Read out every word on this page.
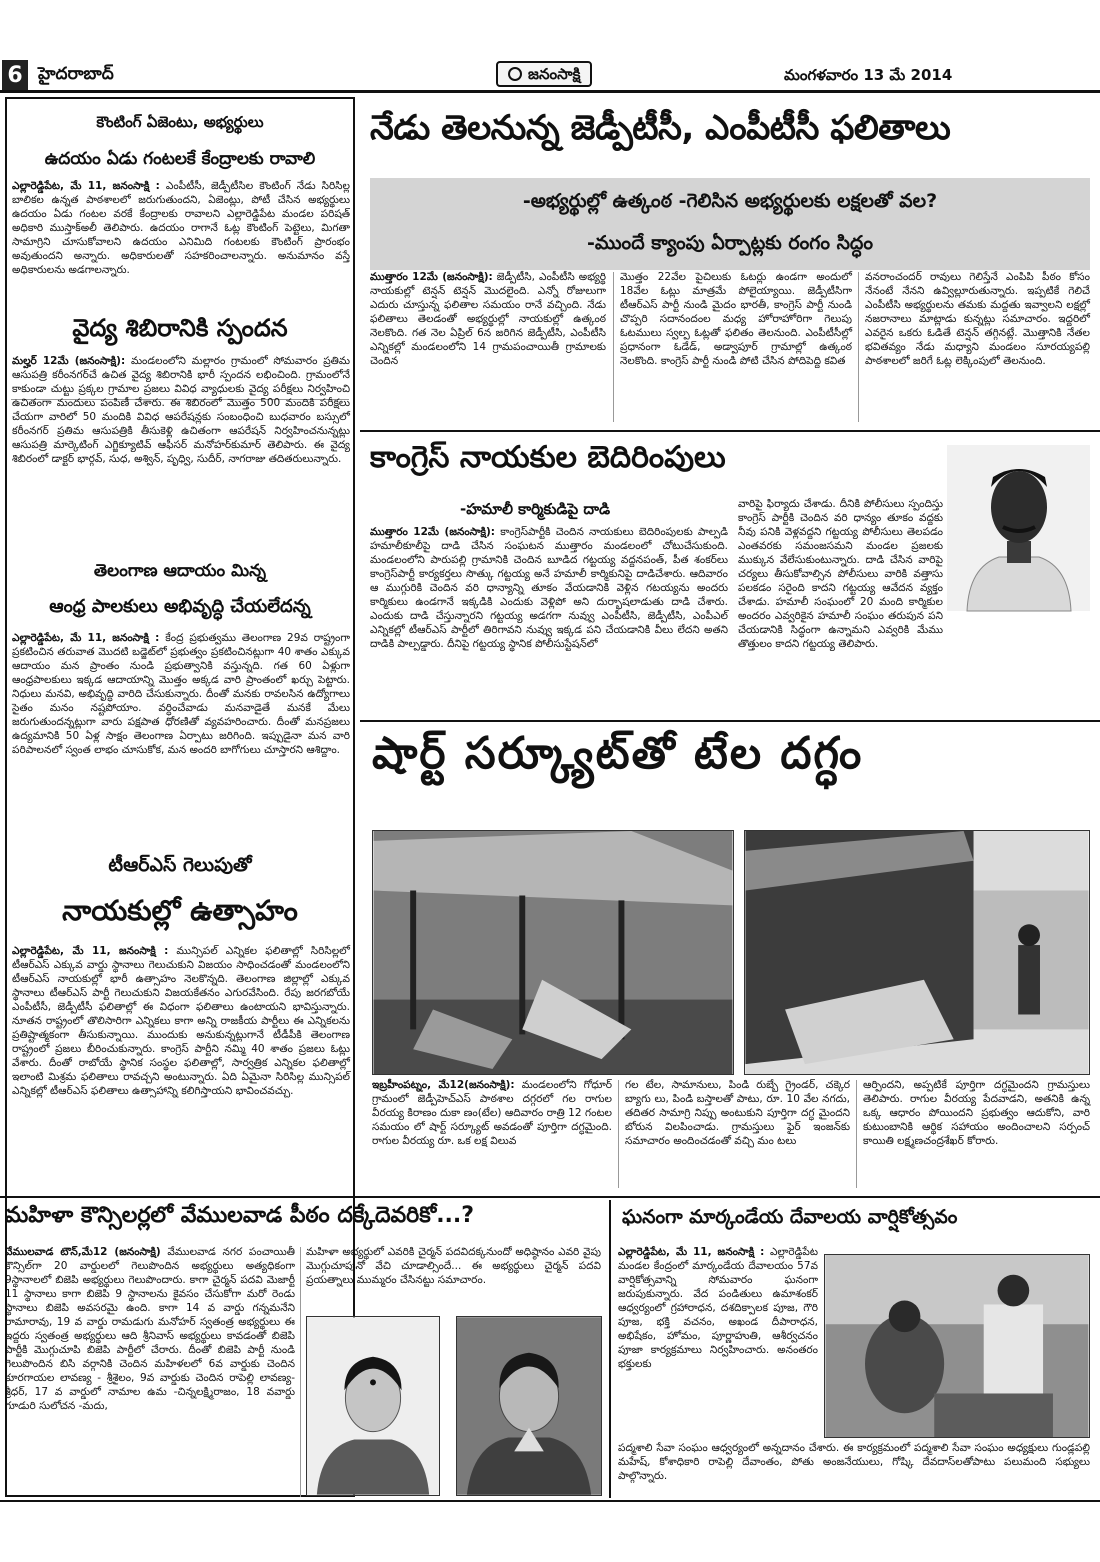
6 హైదరాబాద్	జనంసాక్షి	మంగళవారం 13 మే 2014
కౌంటింగ్ ఏజెంటు, అభ్యర్థులు
ఉదయం ఏడు గంటలకే కేంద్రాలకు రావాలి
ఎల్లారెడ్డిపేట, మే 11, జనంసాక్షి : ఎంపీటీసీ, జెడ్పీటీసిల కౌంటింగ్ నేడు సిరిసిల్ల బాలికల ఉన్నత పాఠశాలలో జరుగుతుందని, ఏజెంట్లు, పోటీ చేసిన అభ్యర్థులు ఉదయం ఏడు గంటల వరకే కేంద్రాలకు రావాలని ఎల్లారెడ్డిపేట మండల పరిషత్ అధికారి ముస్తాక్అలీ తెలిపారు. ఉదయం రాగానే ఓట్ల కౌంటింగ్ పెట్టెలు, మిగతా సామాగ్రిని చూసుకోవాలని ఉదయం ఎనిమిది గంటలకు కౌంటింగ్ ప్రారంభం అవుతుందని అన్నారు. అధికారులతో సహకరించాలన్నారు. అనుమానం వస్తే అధికారులను అడగాలన్నారు.
వైద్య శిబిరానికి స్పందన
మల్హర్ 12మే (జనంసాక్షి): మండలంలోని మల్లారం గ్రామంలో సోమవారం ప్రతిమ ఆసుపత్రి కరీంనగర్‌చే ఉచిత వైద్య శిబిరానికి భారీ స్పందన లభించింది. గ్రామంలోనే కాకుండా చుట్టు ప్రక్కల గ్రామాల ప్రజలు వివిధ వ్యాధులకు వైద్య పరీక్షలు నిర్వహించి ఉచితంగా మందులు పంపిణీ చేశారు. ఈ శిబిరంలో మొత్తం 500 మందికి పరీక్షలు చేయగా వారిలో 50 మందికి వివిధ ఆపరేషన్లకు సంబంధించి బుధవారం బస్సులో కరీంనగర్ ప్రతిమ ఆసుపత్రికి తీసుకెళ్లి ఉచితంగా ఆపరేషన్ నిర్వహించనున్నట్లు ఆసుపత్రి మార్కెటింగ్ ఎగ్జిక్యూటివ్ ఆఫీసర్ మనోహర్‌కుమార్ తెలిపారు. ఈ వైద్య శిబిరంలో డాక్టర్ భార్గవ్, సుధ, అశ్విన్, పృధ్వి, సుదీర్, నాగరాజు తదితరులున్నారు.
తెలంగాణ ఆదాయం మిన్న
ఆంధ్ర పాలకులు అభివృద్ధి చేయలేదన్న
ఎల్లారెడ్డిపేట, మే 11, జనంసాక్షి : కేంద్ర ప్రభుత్వము తెలంగాణ 29వ రాష్ట్రంగా ప్రకటించిన తరువాత మొదటి బడ్జెట్‌లో ప్రభుత్వం ప్రకటించినట్లుగా 40 శాతం ఎక్కువ ఆదాయం మన ప్రాంతం నుండి ప్రభుత్వానికి వస్తున్నది. గత 60 ఏళ్లుగా ఆంధ్రపాలకులు ఇక్కడ ఆదాయాన్ని మొత్తం అక్కడ వారి ప్రాంతంలో ఖర్చు పెట్టారు. నిధులు మనవి, అభివృద్ధి వారిది చేసుకున్నారు. దీంతో మనకు రావలసిన ఉద్యోగాలు సైతం మనం నష్టపోయాం. వర్ధించేవాడు మనవాడైతే మనకే మేలు జరుగుతుందన్నట్లుగా వారు పక్షపాత ధోరణితో వ్యవహరించారు. దీంతో మనప్రజలు ఉద్యమానికి 50 ఏళ్ల సాక్షం తెలంగాణ ఏర్పాటు జరిగింది. ఇప్పుడైనా మన వారి పరిపాలనలో స్వంత లాభం చూసుకోక, మన అందరి బాగోగులు చూస్తారని ఆశిద్దాం.
టీఆర్ఎస్ గెలుపుతో
నాయకుల్లో ఉత్సాహం
ఎల్లారెడ్డిపేట, మే 11, జనంసాక్షి : మున్సిపల్ ఎన్నికల ఫలితాల్లో సిరిసిల్లలో టీఆర్ఎస్ ఎక్కువ వార్డు స్థానాలు గెలుచుకుని విజయం సాధించడంతో మండలంలోని టీఆర్ఎస్ నాయకుల్లో భారీ ఉత్సాహం నెలకొన్నది. తెలంగాణ జిల్లాల్లో ఎక్కువ స్థానాలు టీఆర్ఎస్ పార్టీ గెలుచుకుని విజయకేతనం ఎగురవేసింది. రేపు జరగబోయే ఎంపీటీసీ, జెడ్పీటీసీ ఫలితాల్లో ఈ విధంగా ఫలితాలు ఉంటాయని భావిస్తున్నారు. నూతన రాష్ట్రంలో తొలిసారిగా ఎన్నికలు కాగా అన్ని రాజకీయ పార్టీలు ఈ ఎన్నికలను ప్రతిష్టాత్మకంగా తీసుకున్నాయి. ముందుకు అనుకున్నట్లుగానే టీడీపీకి తెలంగాణ రాష్ట్రంలో ప్రజలు బీరించుకున్నారు. కాంగ్రెస్ పార్టీని నమ్మి 40 శాతం ప్రజలు ఓట్లు వేశారు. దీంతో రాబోయే స్థానిక సంస్థల ఫలితాల్లో, సార్వత్రిక ఎన్నికల ఫలితాల్లో ఇలాంటి మిశ్రమ ఫలితాలు రావచ్చని అంటున్నారు. ఏది ఏమైనా సిరిసిల్ల మున్సిపల్ ఎన్నికల్లో టీఆర్ఎస్ ఫలితాలు ఉత్సాహాన్ని కలిగిస్తాయని భావించవచ్చు.
నేడు తెలనున్న జెడ్పీటీసీ, ఎంపీటీసీ ఫలితాలు
-అభ్యర్థుల్లో ఉత్కంఠ -గెలిసిన అభ్యర్థులకు లక్షలతో వల?
-ముందే క్యాంపు ఏర్పాట్లకు రంగం సిద్ధం
ముత్తారం 12మే (జనంసాక్షి): జెడ్పీటీసి, ఎంపీటీసి అభ్యర్థి నాయకుల్లో టెన్షన్ టెన్షన్ మొదలైంది. ఎన్నో రోజులుగా ఎదురు చూస్తున్న ఫలితాల సమయం రానే వచ్చింది. నేడు ఫలితాలు తెలడంతో అభ్యర్థుల్లో నాయకుల్లో ఉత్కంఠ నెలకొంది. గత నెల ఏప్రిల్ 6న జరిగిన జెడ్పీటీసి, ఎంపీటీసి ఎన్నికల్లో మండలంలోని 14 గ్రామపంచాయితీ గ్రామాలకు చెందిన
మొత్తం 22వేల పైచిలుకు ఓటర్లు ఉండగా అందులో 18వేల ఓట్లు మాత్రమే పోలైయ్యాయి. జెడ్పీటీసిగా టీఆర్ఎస్ పార్టీ నుండి మైదం భారతీ, కాంగ్రెస్ పార్టీ నుండి చొప్పరి సదానందంల మధ్య హోరాహోరిగా గెలుపు ఓటములు స్వల్ప ఓట్లతో ఫలితం తెలనుంది. ఎంపీటీసీల్లో ప్రధానంగా ఓడేడ్, అడ్వాపూర్ గ్రామాల్లో ఉత్కంఠ నెలకొంది. కాంగ్రెస్ పార్టీ నుండి పోటి చేసిన పోదిపెద్ది కవిత
వనరాంచందర్ రావులు గెలిస్తేనే ఎంపిపి పీఠం కోసం నేనంటే నేనని ఉవ్విల్లూరుతున్నారు. ఇప్పటికే గెలిచే ఎంపీటీసి అభ్యర్థులను తమకు మద్దతు ఇవ్వాలని లక్షల్లో నజరానాలు మాట్లాడు కున్నట్లు సమాచారం. ఇద్దరిలో ఎవరైన ఒకరు ఓడితే టెన్షన్ తగ్గినట్లే. మొత్తానికి నేతల భవితవ్యం నేడు మధ్యాని మండలం సూరయ్యపల్లి పాఠశాలలో జరిగే ఓట్ల లెక్కింపులో తెలనుంది.
కాంగ్రెస్ నాయకుల బెదిరింపులు
-హమాలీ కార్మికుడిపై దాడి
ముత్తారం 12మే (జనంసాక్షి): కాంగ్రెస్‌పార్టీకి చెందిన నాయకులు బెదిరింపులకు పాల్పడి హమాలీకూలీపై దాడి చేసిన సంఘటన ముత్తారం మండలంలో చోటుచేసుకుంది. మండలంలోని పారుపల్లి గ్రామానికి చెందిన బూడిద గట్టయ్య వద్దనపంత్, పీత శంకర్‌లు కాంగ్రెస్‌పార్టీ కార్యకర్తలు సొత్కు గట్టయ్య అనే హమాలీ కార్మికునిపై దాడిచేశారు. ఆదివారం ఆ ముగ్గురికి చెందిన వరి ధాన్యాన్ని తూకం వేయడానికి వెళ్లిన గటయ్యను అందరు కార్మికులు ఉండగానే ఇక్కడికి ఎందుకు వెళ్లిపో అని దుర్భాషలాడుతు దాడి చేశారు. ఎందుకు దాడి చేస్తున్నారని గట్టయ్య అడగగా నువ్వు ఎంపీటీసి, జెడ్పీటీసి, ఎంపీఎల్ ఎన్నికల్లో టీఆర్ఎస్ పార్టీలో తిరిగావని నువ్వు ఇక్కడ పని చేయడానికి వీలు లేదని అతని దాడికి పాల్పడ్డారు. దీనిపై గట్టయ్య స్థానిక పోలీసుస్టేషన్‌లో
వారిపై ఫిర్యాదు చేశాడు. దీనికి పోలీసులు స్పందిస్తు కాంగ్రెస్ పార్టీకి చెందిన వరి ధాన్యం తూకం వద్దకు నీవు పనికి వెళ్లవద్దని గట్టయ్య పోలీసులు తెలపడం ఎంతవరకు సమంజసమని మండల ప్రజలకు ముక్కున వేలేసుకుంటున్నారు. దాడి చేసిన వారిపై చర్యలు తీసుకోవాల్సిన పోలీసులు వారికి వత్తాసు పలకడం సరైంది కాదని గట్టయ్య ఆవేదన వ్యక్తం చేశాడు. హమాలీ సంఘంలో 20 మంది కార్మికుల అందరం ఎవ్వరికైన హమాలీ సంఘం తరుపున పని చేయడానికి సిద్ధంగా ఉన్నామని ఎవ్వరికి మేము తొత్తులం కాదని గట్టయ్య తెలిపారు.
షార్ట్ సర్క్యూట్‌తో టేల దగ్ధం
ఇబ్రహీంపట్నం, మే12(జనంసాక్షి): మండలంలోని గోధూర్ గ్రామంలో జెడ్పీహెచ్ఎస్ పాఠశాల దగ్గరలో గల రాగుల వీరయ్య కిరాణం దుకా ణం(టేల) ఆదివారం రాత్రి 12 గంటల సమయం లో షార్ట్ సర్క్యూట్ అవడంతో పూర్తిగా దగ్ధమైంది. రాగుల వీరయ్య రూ. ఒక లక్ష విలువ
గల టేల, సామానులు, పిండి రుబ్బే గ్రైండర్, చక్కెర బ్యాగు లు, పిండి బస్తాలతో పాటు, రూ. 10 వేల నగదు, తదితర సామాగ్రి నిప్పు అంటుకుని పూర్తిగా దగ్ధ మైందని బోరున విలపించాడు. గ్రామస్తులు ఫైర్ ఇంజన్‌కు సమాచారం అందించడంతో వచ్చి మం టలు
ఆర్పిందని, అప్పటికే పూర్తిగా దగ్ధమైందని గ్రామస్తులు తెలిపారు. రాగుల వీరయ్య పేదవాడని, అతనికి ఉన్న ఒక్క ఆధారం పోయిందని ప్రభుత్వం ఆదుకోని, వారి కుటుంబానికి ఆర్థిక సహాయం అందించాలని సర్పంచ్ కాయితి లక్ష్మణచంద్రశేఖర్ కోరారు.
మహిళా కౌన్సిలర్లలో వేములవాడ పీఠం దక్కేదెవరికో...?
వేములవాడ టౌన్,మే12 (జనంసాక్షి) వేములవాడ నగర పంచాయితీ కౌన్సిల్‌గా 20 వార్డులలో గెలుపొందిన అభ్యర్థులు అత్యధికంగా 9స్థానాలలో బిజెపి అభ్యర్థులు గెలుపొందారు. కాగా చైర్మన్ పదవి మెజార్టీ 11 స్థానాలు కాగా బిజెపి 9 స్థానాలను కైవసం చేసుకోగా మరో రెండు స్థానాలు బిజెపి అవసరమై ఉంది. కాగా 14 వ వార్డు గన్నమనేని రామారావు, 19 వ వార్డు రామడుగు మనోహర్ స్వతంత్ర అభ్యర్థులు ఈ ఇద్దరు స్వతంత్ర అభ్యర్థులు ఆది శ్రీనివాస్ అభ్యర్థులు కావడంతో బిజెపి పార్టీకి మొగ్గుచూపి బిజెపి పార్టీలో చేరారు. దీంతో బిజెపి పార్టీ నుండి గెలుపొందిన బిసి వర్గానికి చెందిన మహిళలలో 6వ వార్డుకు చెందిన కూరగాయల లావణ్య - శ్రీశైలం, 9వ వార్డుకు చెందిన రాపెల్లి లావణ్య- శ్రీధర్, 17 వ వార్డులో నామాల ఉమ -చిన్నలక్ష్మిరాజం, 18 వవార్డు గూడురి సులోచన -మదు,
మహిళా అభ్యర్థులో ఎవరికి చైర్మన్ పదవిదక్కనుందో అధిష్ఠానం ఎవరి వైపు మొగ్గుచూపునో వేచి చూడాల్సిందే... ఈ అభ్యర్థులు చైర్మన్ పదవి ప్రయత్నాలు ముమ్మరం చేసినట్టు సమాచారం.
ఘనంగా మార్కండేయ దేవాలయ వార్షికోత్సవం
ఎల్లారెడ్డిపేట, మే 11, జనంసాక్షి : ఎల్లారెడ్డిపేట మండల కేంద్రంలో మార్కండేయ దేవాలయం 57వ వార్షికోత్సవాన్ని సోమవారం ఘనంగా జరుపుకున్నారు. వేద పండితులు ఉమాశంకర్ ఆధ్వర్యంలో గ్రహారాధన, దశదిక్పాలక పూజ, గౌరి పూజ, భక్తి వచనం, అఖండ దీపారాధన, అభిషేకం, హోమం, పూర్ణాహుతి, ఆశీర్వచనం పూజా కార్యక్రమాలు నిర్వహించారు. అనంతరం భక్తులకు
పద్మశాలి సేవా సంఘం ఆధ్వర్యంలో అన్నదానం చేశారు. ఈ కార్యక్రమంలో పద్మశాలి సేవా సంఘం అధ్యక్షులు గుండ్లపల్లి మహేష్, కోశాధికారి రాపెల్లి దేవాంతం, పోతు అంజనేయులు, గోష్కి దేవదాస్‌లతోపాటు పలుమంది సభ్యులు పాల్గొన్నారు.
